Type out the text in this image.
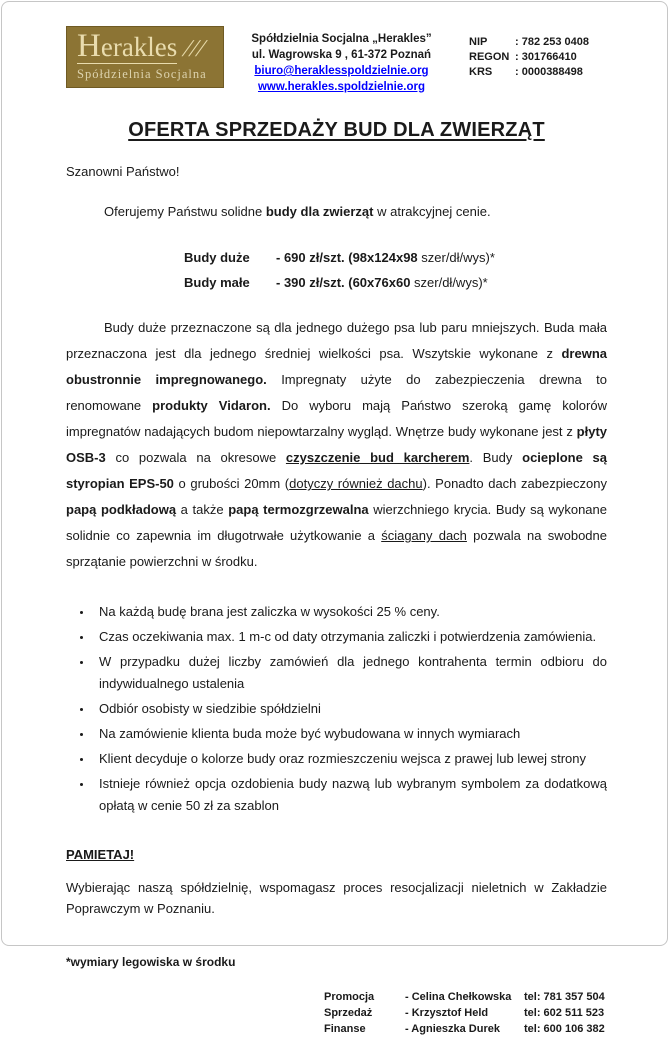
Herakles ///
Spółdzielnia Socjalna
Spółdzielnia Socjalna „Herakles”
ul. Wagrowska 9 , 61-372 Poznań
biuro@heraklesspoldzielnie.org
www.herakles.spoldzielnie.org
NIP	: 782 253 0408
REGON : 301766410
KRS	: 0000388498
OFERTA SPRZEDAŻY BUD DLA ZWIERZĄT
Szanowni Państwo!
Oferujemy Państwu solidne budy dla zwierząt w atrakcyjnej cenie.
Budy duże	- 690 zł/szt. (98x124x98 szer/dł/wys)*
Budy małe	- 390 zł/szt. (60x76x60 szer/dł/wys)*
Budy duże przeznaczone są dla jednego dużego psa lub paru mniejszych. Buda mała przeznaczona jest dla jednego średniej wielkości psa. Wszytskie wykonane z drewna obustronnie impregnowanego. Impregnaty użyte do zabezpieczenia drewna to renomowane produkty Vidaron. Do wyboru mają Państwo szeroką gamę kolorów impregnatów nadających budom niepowtarzalny wygląd. Wnętrze budy wykonane jest z płyty OSB-3 co pozwala na okresowe czyszczenie bud karcherem. Budy ocieplone są styropian EPS-50 o grubości 20mm (dotyczy również dachu). Ponadto dach zabezpieczony papą podkładową a także papą termozgrzewalna wierzchniego krycia. Budy są wykonane solidnie co zapewnia im długotrwałe użytkowanie a ściagany dach pozwala na swobodne sprzątanie powierzchni w środku.
• Na każdą budę brana jest zaliczka w wysokości 25 % ceny.
• Czas oczekiwania max. 1 m-c od daty otrzymania zaliczki i potwierdzenia zamówienia.
• W przypadku dużej liczby zamówień dla jednego kontrahenta termin odbioru do indywidualnego ustalenia
• Odbiór osobisty w siedzibie spółdzielni
• Na zamówienie klienta buda może być wybudowana w innych wymiarach
• Klient decyduje o kolorze budy oraz rozmieszczeniu wejsca z prawej lub lewej strony
• Istnieje również opcja ozdobienia budy nazwą lub wybranym symbolem za dodatkową opłatą w cenie 50 zł za szablon
PAMIETAJ!
Wybierając naszą spółdzielnię, wspomagasz proces resocjalizacji nieletnich w Zakładzie Poprawczym w Poznaniu.
*wymiary legowiska w środku
Promocja	- Celina Chełkowska	tel: 781 357 504
Sprzedaż	- Krzysztof Held	tel: 602 511 523
Finanse	- Agnieszka Durek	tel: 600 106 382
